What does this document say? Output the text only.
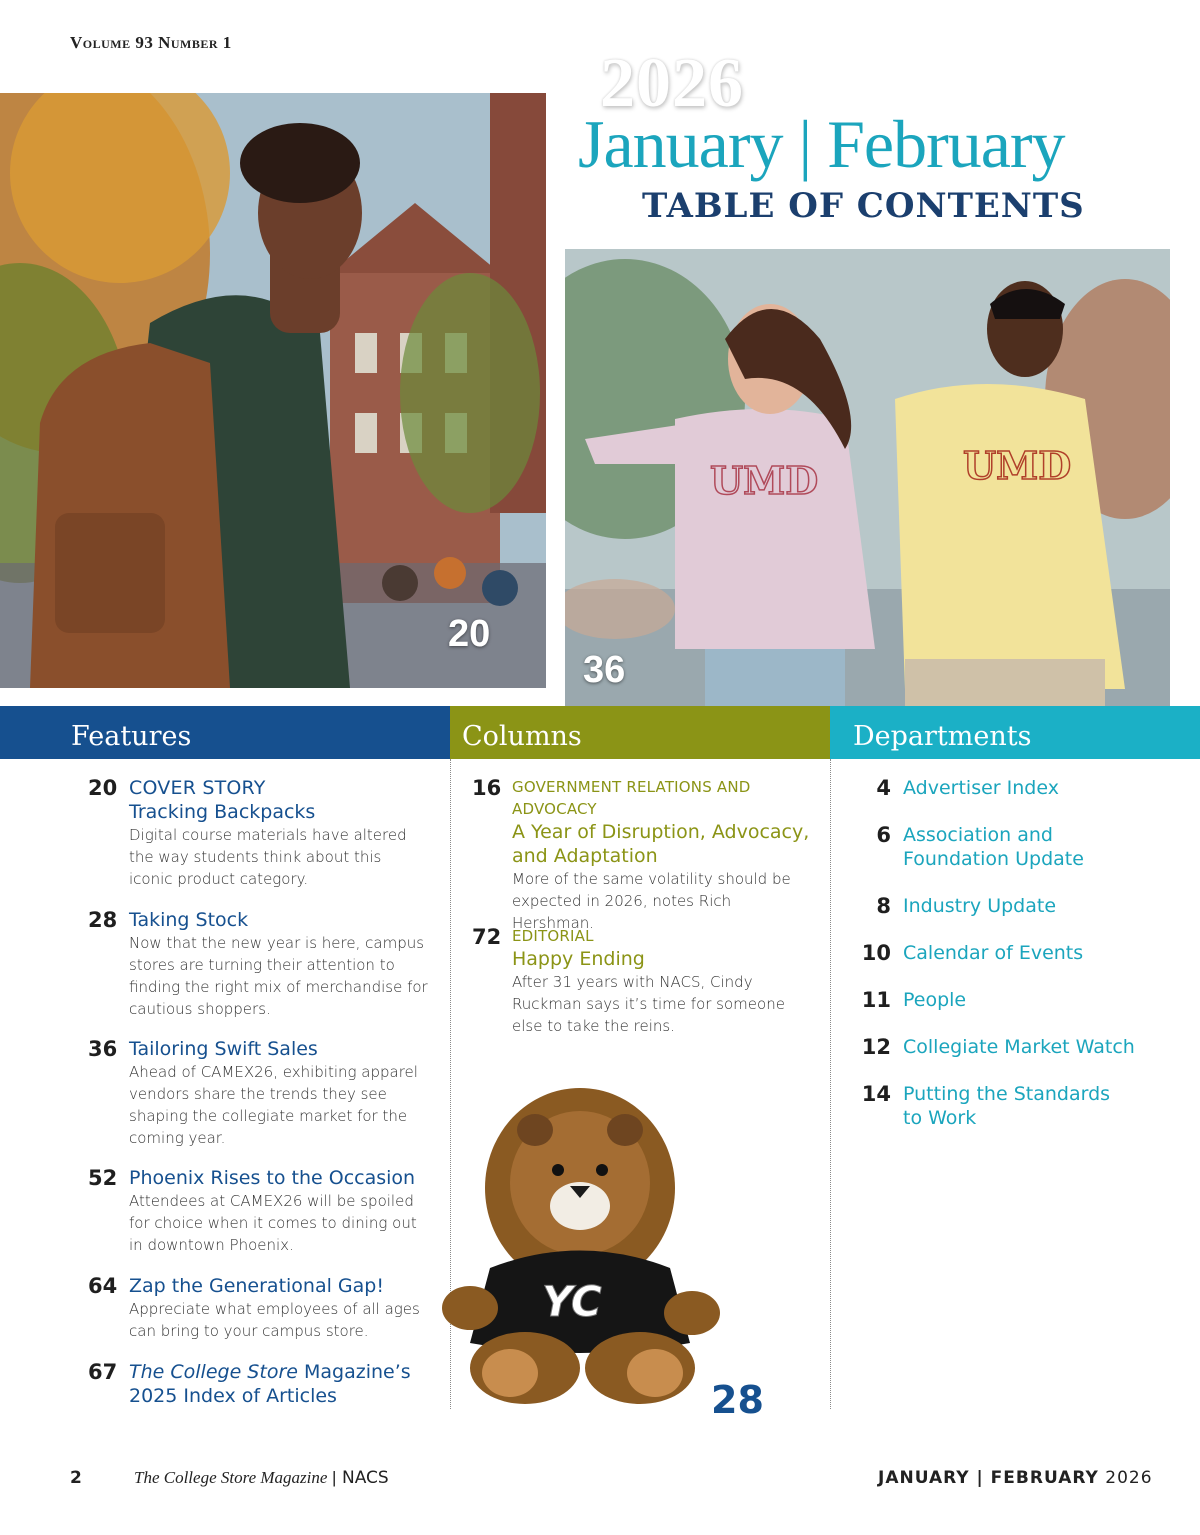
Volume 93 Number 1
20
2026
January | February
TABLE OF CONTENTS
UMD	UMD
36
Features	Columns	Departments
20 COVER STORY
Tracking Backpacks
Digital course materials have altered the way students think about this iconic product category.
28 Taking Stock
Now that the new year is here, campus stores are turning their attention to finding the right mix of merchandise for cautious shoppers.
36 Tailoring Swift Sales
Ahead of CAMEX26, exhibiting apparel vendors share the trends they see shaping the collegiate market for the coming year.
52 Phoenix Rises to the Occasion
Attendees at CAMEX26 will be spoiled for choice when it comes to dining out in downtown Phoenix.
64 Zap the Generational Gap!
Appreciate what employees of all ages can bring to your campus store.
67 The College Store Magazine’s 2025 Index of Articles
16 GOVERNMENT RELATIONS AND ADVOCACY
A Year of Disruption, Advocacy, and Adaptation
More of the same volatility should be expected in 2026, notes Rich Hershman.
72 EDITORIAL
Happy Ending
After 31 years with NACS, Cindy Ruckman says it’s time for someone else to take the reins.
YC
28
4 Advertiser Index
6 Association and Foundation Update
8 Industry Update
10 Calendar of Events
11 People
12 Collegiate Market Watch
14 Putting the Standards to Work
2	The College Store Magazine | NACS	JANUARY | FEBRUARY 2026
